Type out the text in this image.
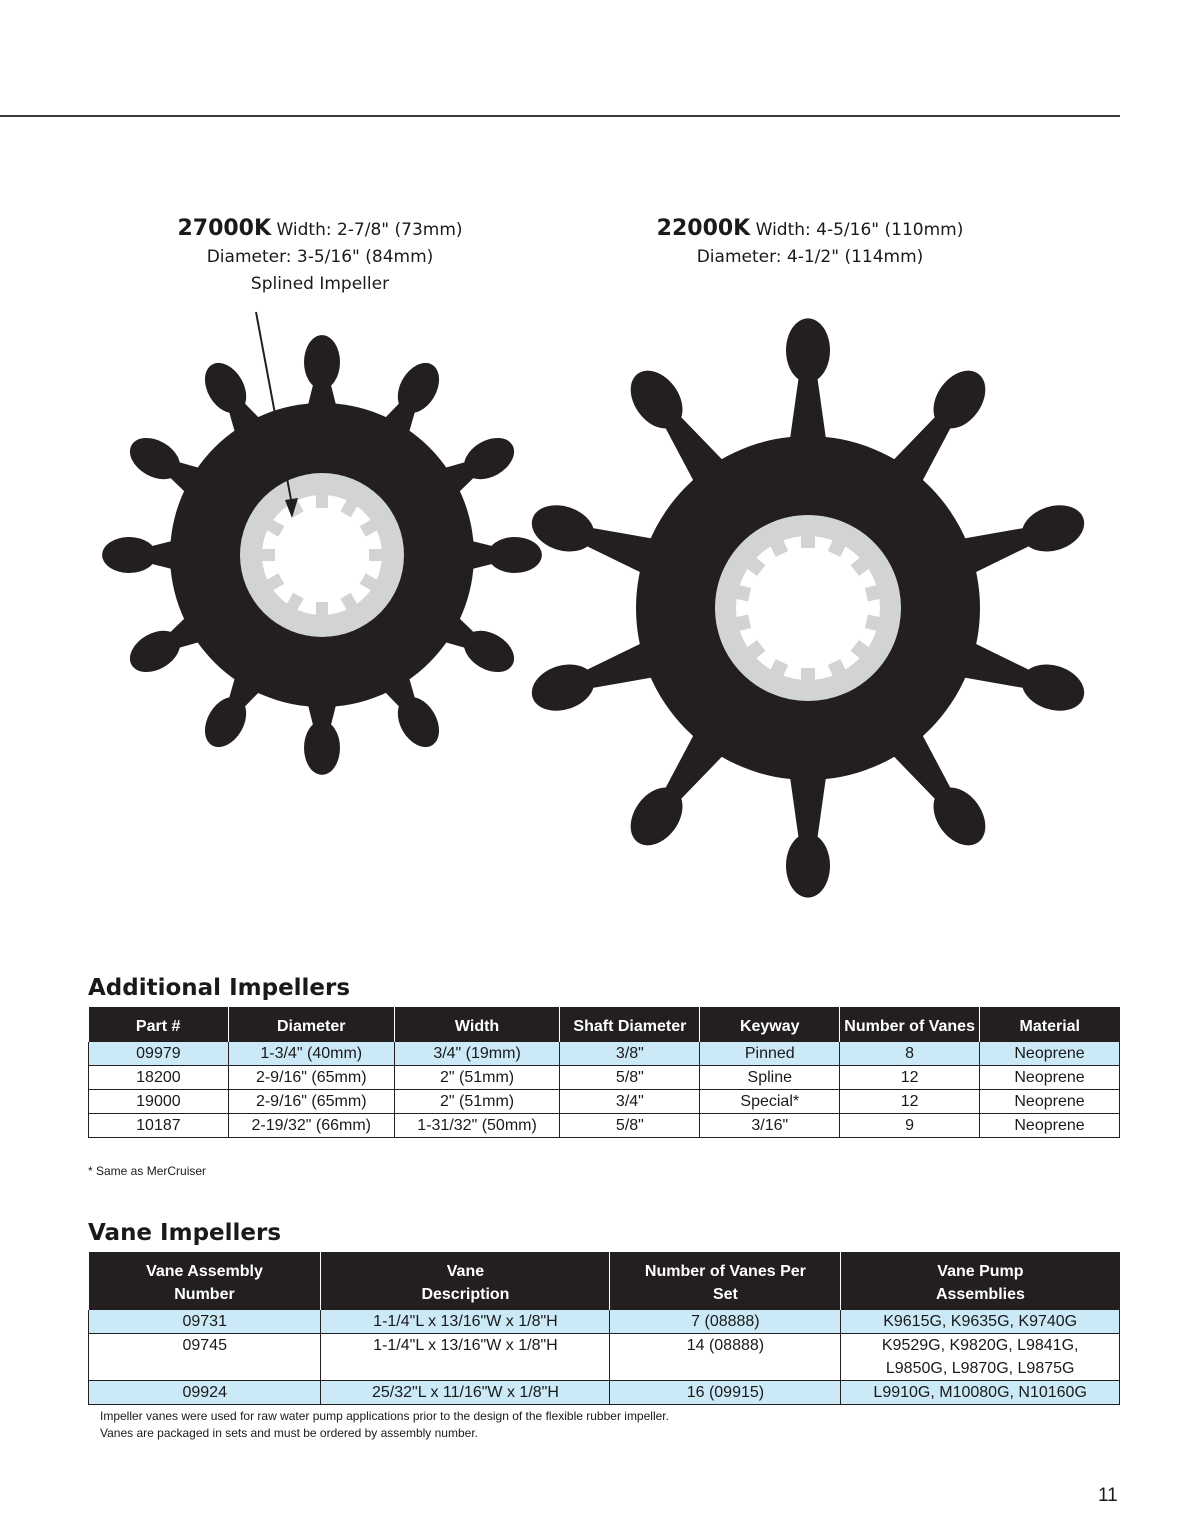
27000K Width: 2-7/8" (73mm)
Diameter: 3-5/16" (84mm)
Splined Impeller
22000K Width: 4-5/16" (110mm)
Diameter: 4-1/2" (114mm)
Additional Impellers
Part #	Diameter	Width	Shaft Diameter	Keyway	Number of Vanes	Material
09979	1-3/4" (40mm)	3/4" (19mm)	3/8"	Pinned	8	Neoprene
18200	2-9/16" (65mm)	2" (51mm)	5/8"	Spline	12	Neoprene
19000	2-9/16" (65mm)	2" (51mm)	3/4"	Special*	12	Neoprene
10187	2-19/32" (66mm)	1-31/32" (50mm)	5/8"	3/16"	9	Neoprene
* Same as MerCruiser
Vane Impellers
Vane Assembly Number	Vane Description	Number of Vanes Per Set	Vane Pump Assemblies
09731	1-1/4"L x 13/16"W x 1/8"H	7 (08888)	K9615G, K9635G, K9740G
09745	1-1/4"L x 13/16"W x 1/8"H	14 (08888)	K9529G, K9820G, L9841G, L9850G, L9870G, L9875G
09924	25/32"L x 11/16"W x 1/8"H	16 (09915)	L9910G, M10080G, N10160G
Impeller vanes were used for raw water pump applications prior to the design of the flexible rubber impeller.
Vanes are packaged in sets and must be ordered by assembly number.
11
